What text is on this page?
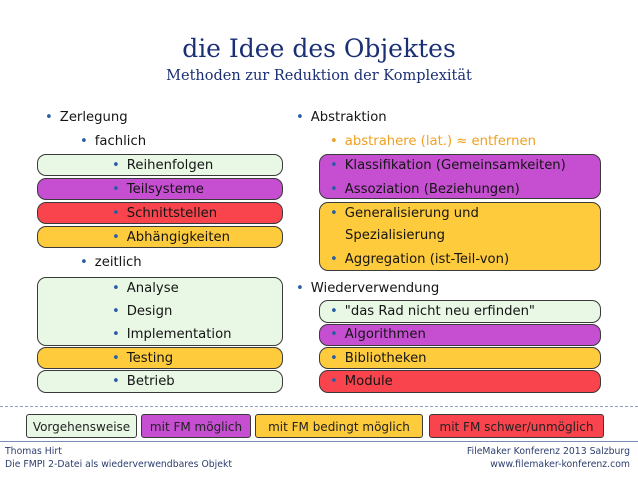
die Idee des Objektes
Methoden zur Reduktion der Komplexität
• Zerlegung
• fachlich
• Reihenfolgen
• Teilsysteme
• Schnittstellen
• Abhängigkeiten
• zeitlich
• Analyse
• Design
• Implementation
• Testing
• Betrieb
• Abstraktion
• abstrahere (lat.) ≈ entfernen
• Klassifikation (Gemeinsamkeiten)
• Assoziation (Beziehungen)
• Generalisierung und
Spezialisierung
• Aggregation (ist-Teil-von)
• Wiederverwendung
• "das Rad nicht neu erfinden"
• Algorithmen
• Bibliotheken
• Module
Vorgehensweise	mit FM möglich	mit FM bedingt möglich	mit FM schwer/unmöglich
Thomas Hirt
Die FMPI 2-Datei als wiederverwendbares Objekt
FileMaker Konferenz 2013 Salzburg
www.filemaker-konferenz.com
